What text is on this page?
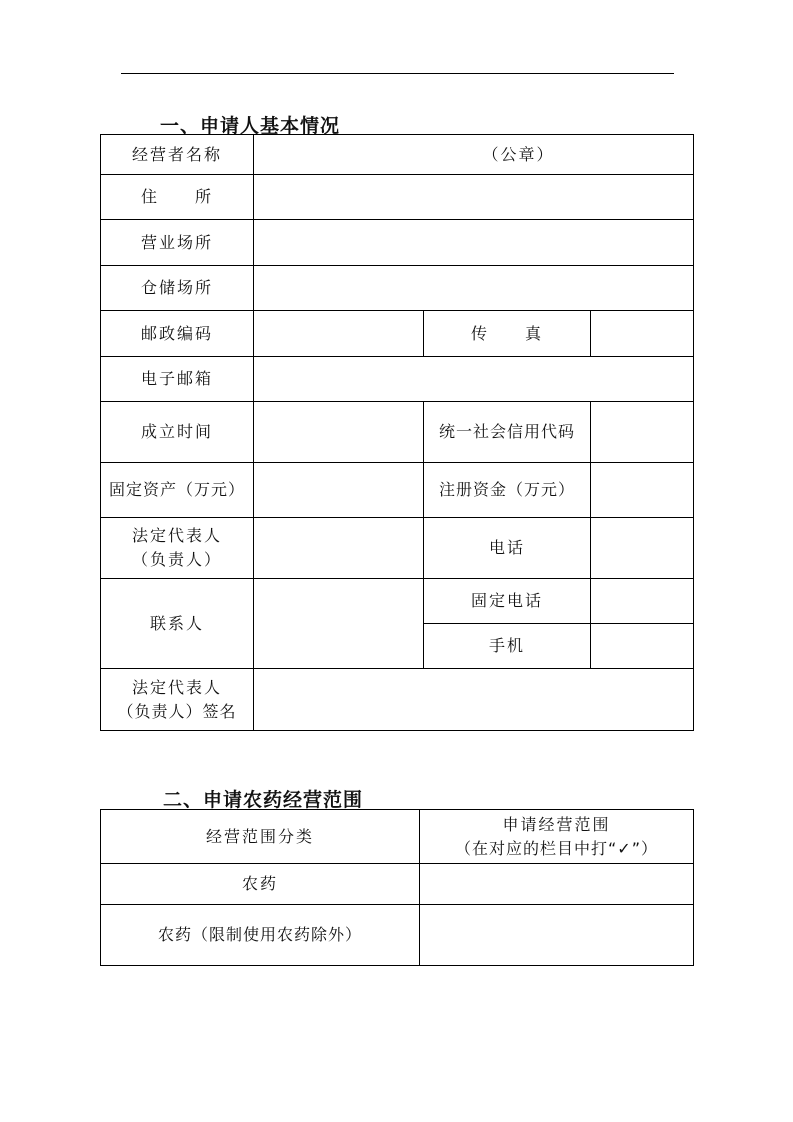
一、申请人基本情况
经营者名称	（公章）		
住　　所			
营业场所			
仓储场所			
邮政编码		传　　真	
电子邮箱			
成立时间		统一社会信用代码	
固定资产（万元）		注册资金（万元）	

法定代表人
（负责人）		电话	
联系人		固定电话	
		手机	

法定代表人
（负责人）签名			

二、申请农药经营范围
经营范围分类	申请经营范围
（在对应的栏目中打“✓”）

农药	
农药（限制使用农药除外）	
